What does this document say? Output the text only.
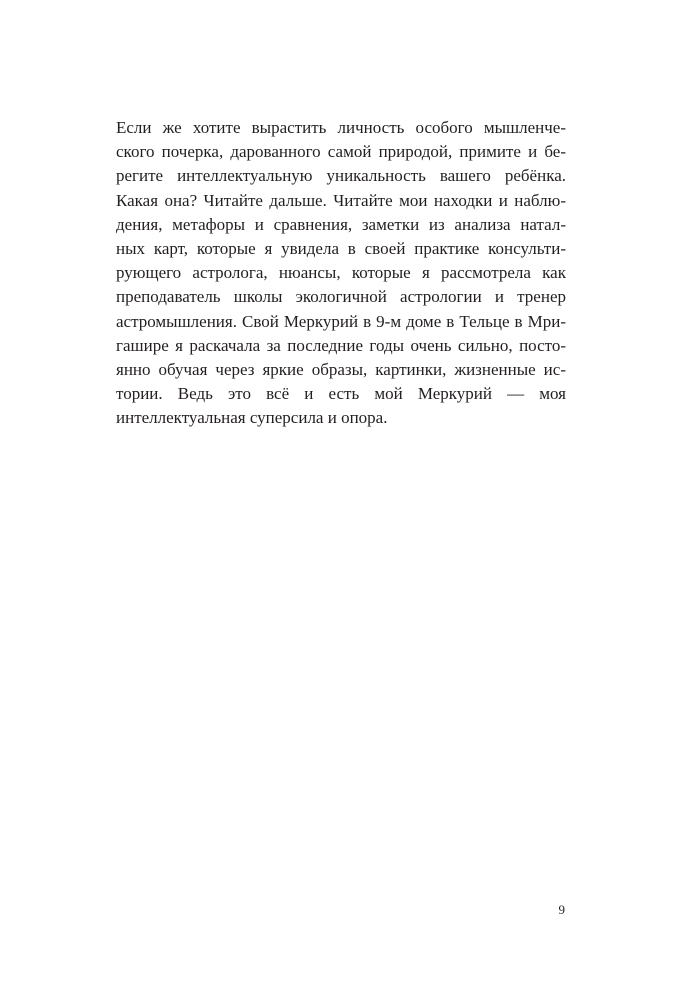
Если же хотите вырастить личность особого мышленче-
ского почерка, дарованного самой природой, примите и бе-
регите интеллектуальную уникальность вашего ребёнка.
Какая она? Читайте дальше. Читайте мои находки и наблю-
дения, метафоры и сравнения, заметки из анализа натал-
ных карт, которые я увидела в своей практике консульти-
рующего астролога, нюансы, которые я рассмотрела как
преподаватель школы экологичной астрологии и тренер
астромышления. Свой Меркурий в 9-м доме в Тельце в Мри-
гашире я раскачала за последние годы очень сильно, посто-
янно обучая через яркие образы, картинки, жизненные ис-
тории. Ведь это всё и есть мой Меркурий — моя
интеллектуальная суперсила и опора.
9
